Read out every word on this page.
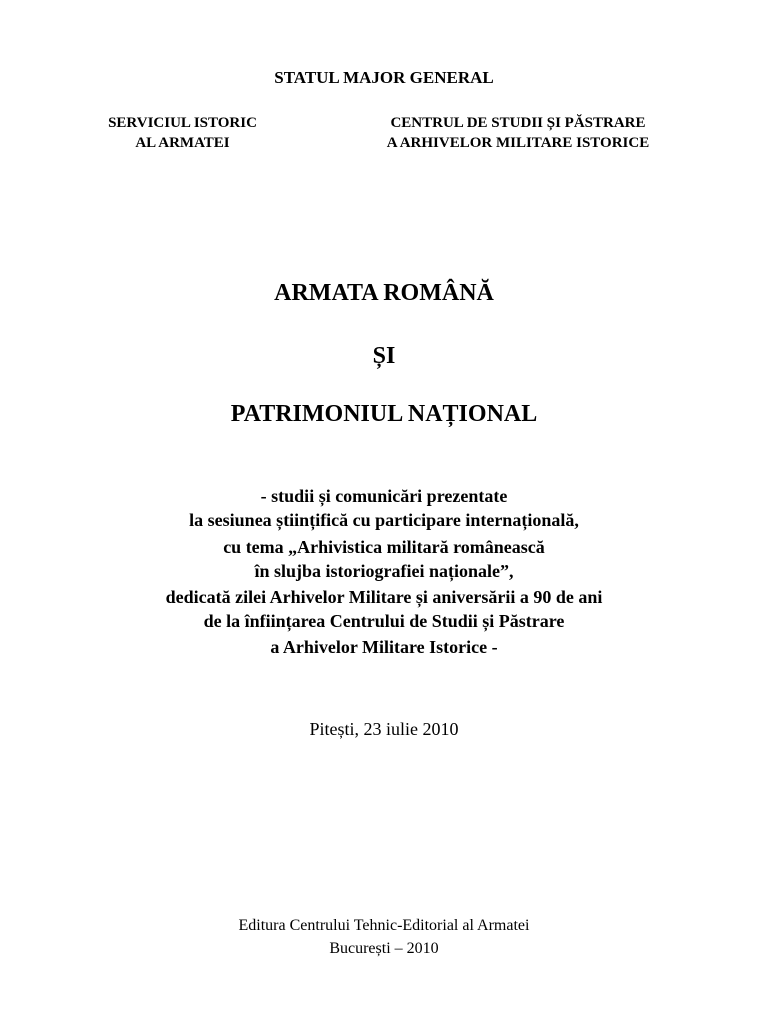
STATUL MAJOR GENERAL
SERVICIUL ISTORIC
AL ARMATEI
CENTRUL DE STUDII ȘI PĂSTRARE
A ARHIVELOR MILITARE ISTORICE
ARMATA ROMÂNĂ
ȘI
PATRIMONIUL NAȚIONAL
- studii și comunicări prezentate
la sesiunea științifică cu participare internațională,
cu tema „Arhivistica militară românească
în slujba istoriografiei naționale”,
dedicată zilei Arhivelor Militare și aniversării a 90 de ani
de la înființarea Centrului de Studii și Păstrare
a Arhivelor Militare Istorice -
Pitești, 23 iulie 2010
Editura Centrului Tehnic-Editorial al Armatei
București – 2010
